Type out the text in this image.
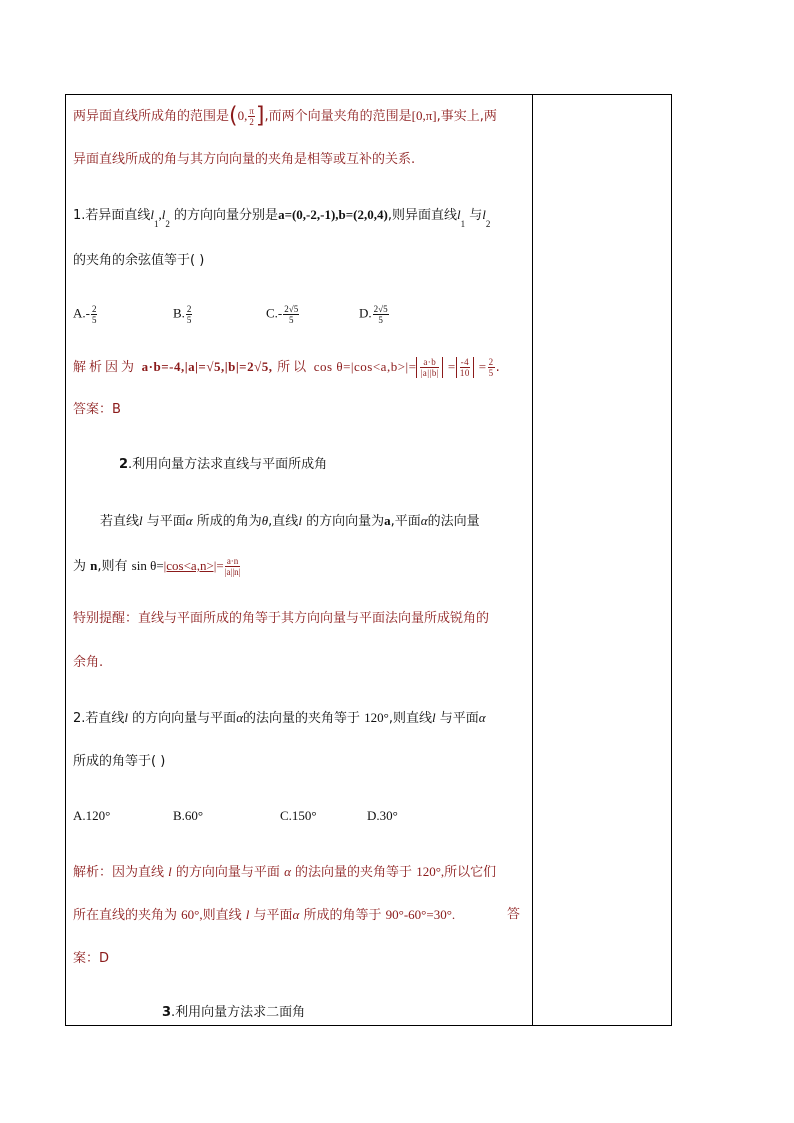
两异面直线所成角的范围是(0, $\frac{\pi}{2}$ ],而两个向量夹角的范围是[0,π],事实上,两
异面直线所成的角与其方向向量的夹角是相等或互补的关系.
1.若异面直线$l_1,l_2$ 的方向向量分别是a=(0,-2,-1),b=(2,0,4),则异面直线$l_1$ 与$l_2$
的夹角的余弦值等于( )
$A.- \frac{2}{5}$	B. $\frac{2}{5}$	$C.- \frac{2√5}{5}$	D. $\frac{2√5}{5}$
解析因为 a·b=-4,|a|=√5,|b|=2√5, 所以 $\cos \theta=|\cos<a,b>|= \frac{a\cdot b}{|a||b|} = \frac{-4}{10} = \frac{2}{5}$ .
答案：B
2.利用向量方法求直线与平面所成角
若直线l 与平面α 所成的角为θ,直线l 的方向向量为a,平面α的法向量
为 n,则有 $\sin \theta=|\cos<a,n>|= \frac{a\cdot n}{|a||n|}$
特别提醒：直线与平面所成的角等于其方向向量与平面法向量所成锐角的
余角.
2.若直线l 的方向向量与平面α的法向量的夹角等于 120°,则直线l 与平面α
所成的角等于( )
A.120°	B.60°	C.150°	D.30°
解析：因为直线 l 的方向向量与平面 α 的法向量的夹角等于 120°,所以它们
所在直线的夹角为 60°,则直线 l 与平面α 所成的角等于 90°-60°=30°.	答
案：D
3.利用向量方法求二面角
